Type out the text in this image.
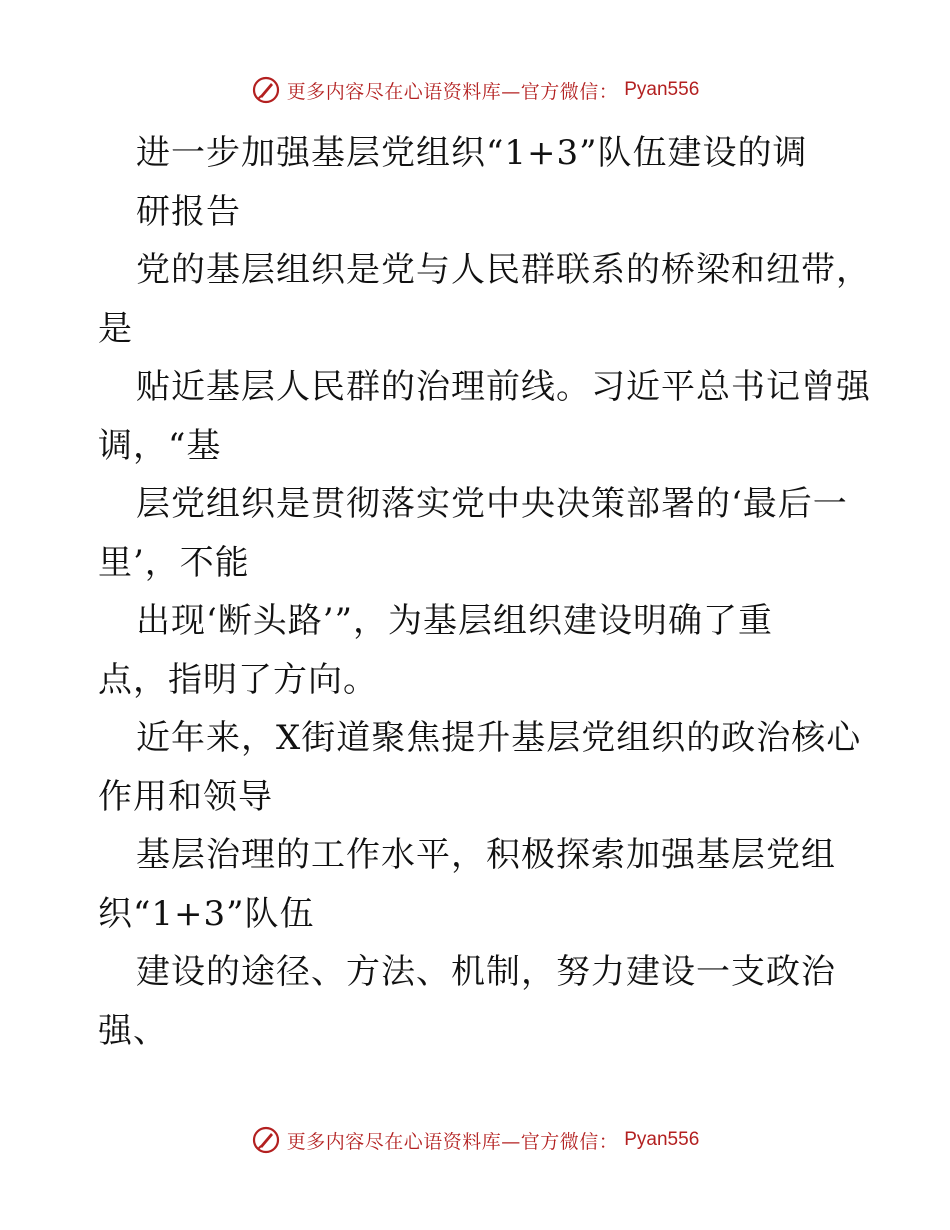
更多内容尽在心语资料库—官方微信： Pyan556
进一步加强基层党组织“1+3”队伍建设的调
研报告
党的基层组织是党与人民群联系的桥梁和纽带，
是
贴近基层人民群的治理前线。习近平总书记曾强
调，“基
层党组织是贯彻落实党中央决策部署的‘最后一
里’，不能
出现‘断头路’”，为基层组织建设明确了重
点，指明了方向。
近年来，X街道聚焦提升基层党组织的政治核心
作用和领导
基层治理的工作水平，积极探索加强基层党组
织“1+3”队伍
建设的途径、方法、机制，努力建设一支政治
强、
更多内容尽在心语资料库—官方微信： Pyan556
